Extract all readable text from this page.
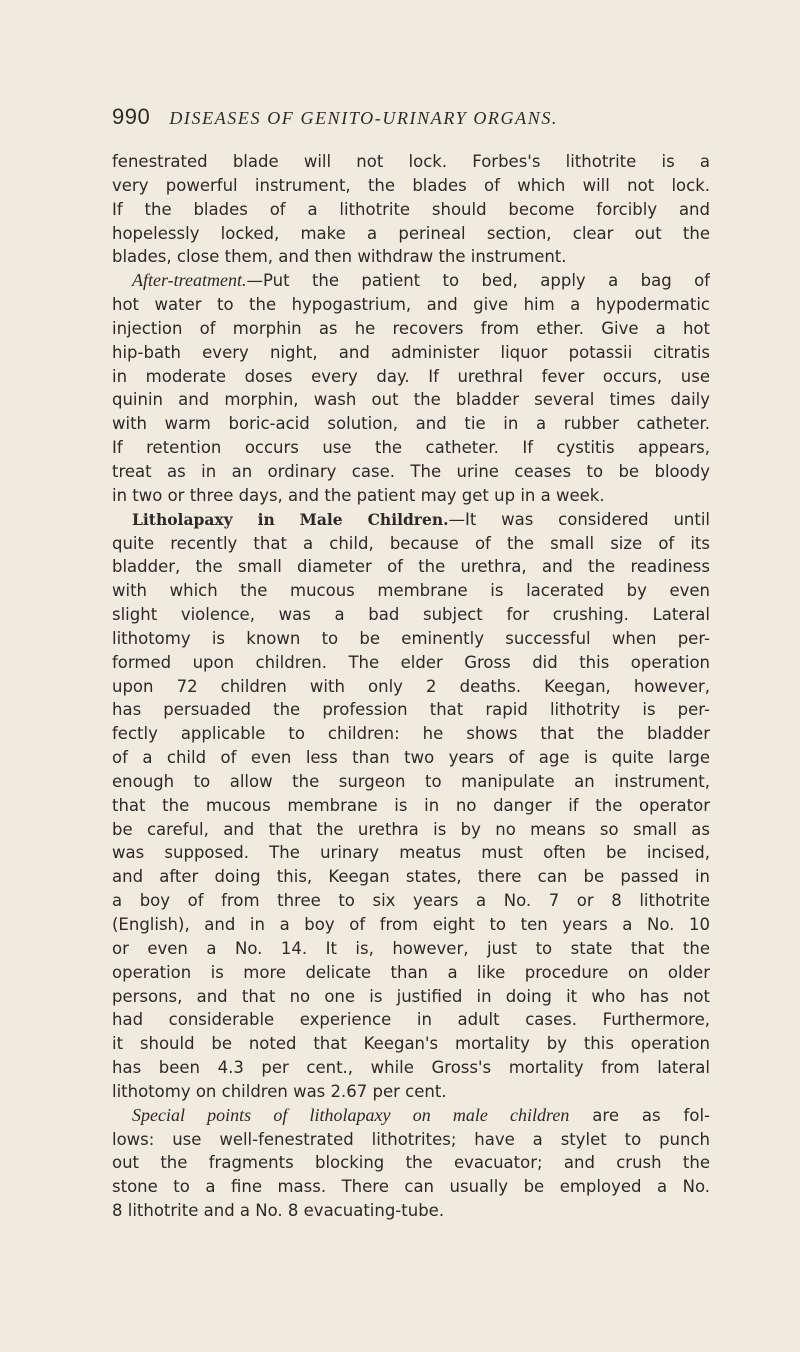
990 DISEASES OF GENITO-URINARY ORGANS.
fenestrated blade will not lock. Forbes's lithotrite is a
very powerful instrument, the blades of which will not lock.
If the blades of a lithotrite should become forcibly and
hopelessly locked, make a perineal section, clear out the
blades, close them, and then withdraw the instrument.
After-treatment.—Put the patient to bed, apply a bag of
hot water to the hypogastrium, and give him a hypodermatic
injection of morphin as he recovers from ether. Give a hot
hip-bath every night, and administer liquor potassii citratis
in moderate doses every day. If urethral fever occurs, use
quinin and morphin, wash out the bladder several times daily
with warm boric-acid solution, and tie in a rubber catheter.
If retention occurs use the catheter. If cystitis appears,
treat as in an ordinary case. The urine ceases to be bloody
in two or three days, and the patient may get up in a week.
Litholapaxy in Male Children.—It was considered until
quite recently that a child, because of the small size of its
bladder, the small diameter of the urethra, and the readiness
with which the mucous membrane is lacerated by even
slight violence, was a bad subject for crushing. Lateral
lithotomy is known to be eminently successful when per-
formed upon children. The elder Gross did this operation
upon 72 children with only 2 deaths. Keegan, however,
has persuaded the profession that rapid lithotrity is per-
fectly applicable to children: he shows that the bladder
of a child of even less than two years of age is quite large
enough to allow the surgeon to manipulate an instrument,
that the mucous membrane is in no danger if the operator
be careful, and that the urethra is by no means so small as
was supposed. The urinary meatus must often be incised,
and after doing this, Keegan states, there can be passed in
a boy of from three to six years a No. 7 or 8 lithotrite
(English), and in a boy of from eight to ten years a No. 10
or even a No. 14. It is, however, just to state that the
operation is more delicate than a like procedure on older
persons, and that no one is justified in doing it who has not
had considerable experience in adult cases. Furthermore,
it should be noted that Keegan's mortality by this operation
has been 4.3 per cent., while Gross's mortality from lateral
lithotomy on children was 2.67 per cent.
Special points of litholapaxy on male children are as fol-
lows: use well-fenestrated lithotrites; have a stylet to punch
out the fragments blocking the evacuator; and crush the
stone to a fine mass. There can usually be employed a No.
8 lithotrite and a No. 8 evacuating-tube.
